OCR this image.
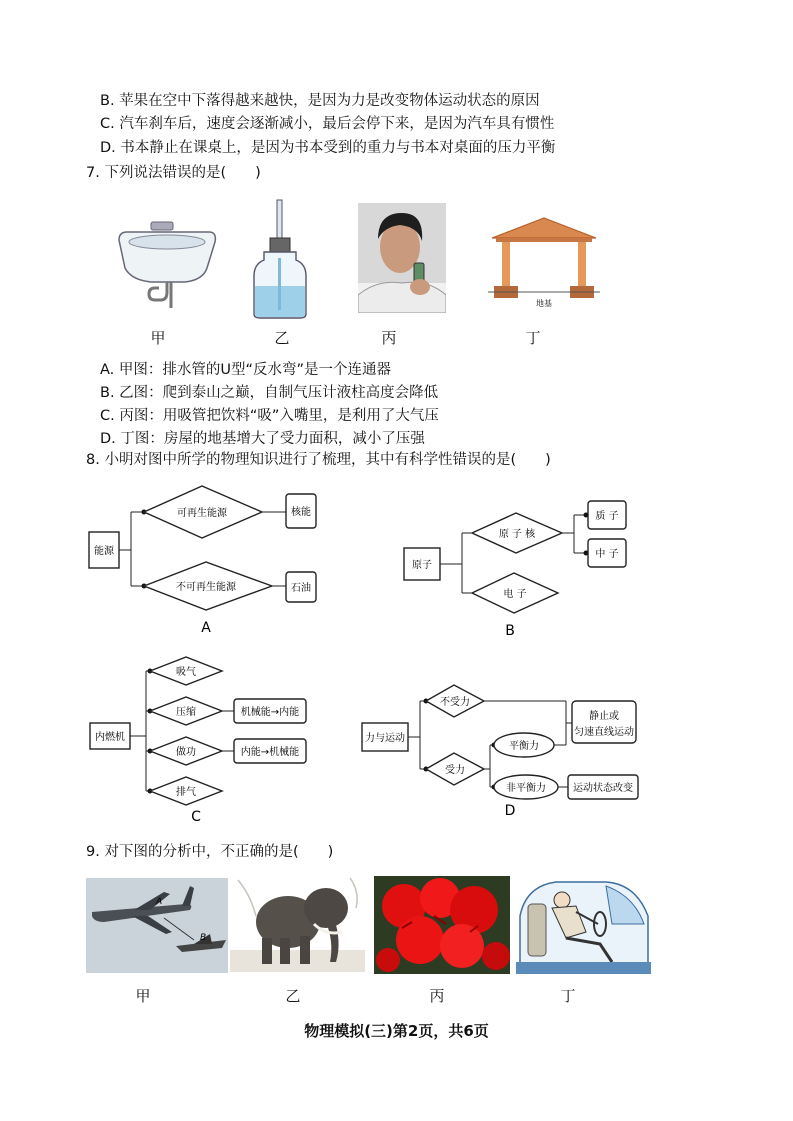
B. 苹果在空中下落得越来越快，是因为力是改变物体运动状态的原因
C. 汽车刹车后，速度会逐渐减小，最后会停下来，是因为汽车具有惯性
D. 书本静止在课桌上，是因为书本受到的重力与书本对桌面的压力平衡
7. 下列说法错误的是(　　)
甲	乙	丙
地基
丁
A. 甲图：排水管的U型“反水弯”是一个连通器
B. 乙图：爬到泰山之巅，自制气压计液柱高度会降低
C. 丙图：用吸管把饮料“吸”入嘴里，是利用了大气压
D. 丁图：房屋的地基增大了受力面积，减小了压强
8. 小明对图中所学的物理知识进行了梳理，其中有科学性错误的是(　　)
能源
可再生能源
不可再生能源
核能
石油
A
原子
原 子 核
电 子
质 子
中 子
B
内燃机
吸气
压缩
做功
排气
机械能→内能
内能→机械能
C
力与运动
不受力
受力
平衡力
非平衡力
静止或
匀速直线运动
运动状态改变
D
9. 对下图的分析中，不正确的是(　　)
A
B
甲	乙	丙	丁
物理模拟(三)第2页，共6页
